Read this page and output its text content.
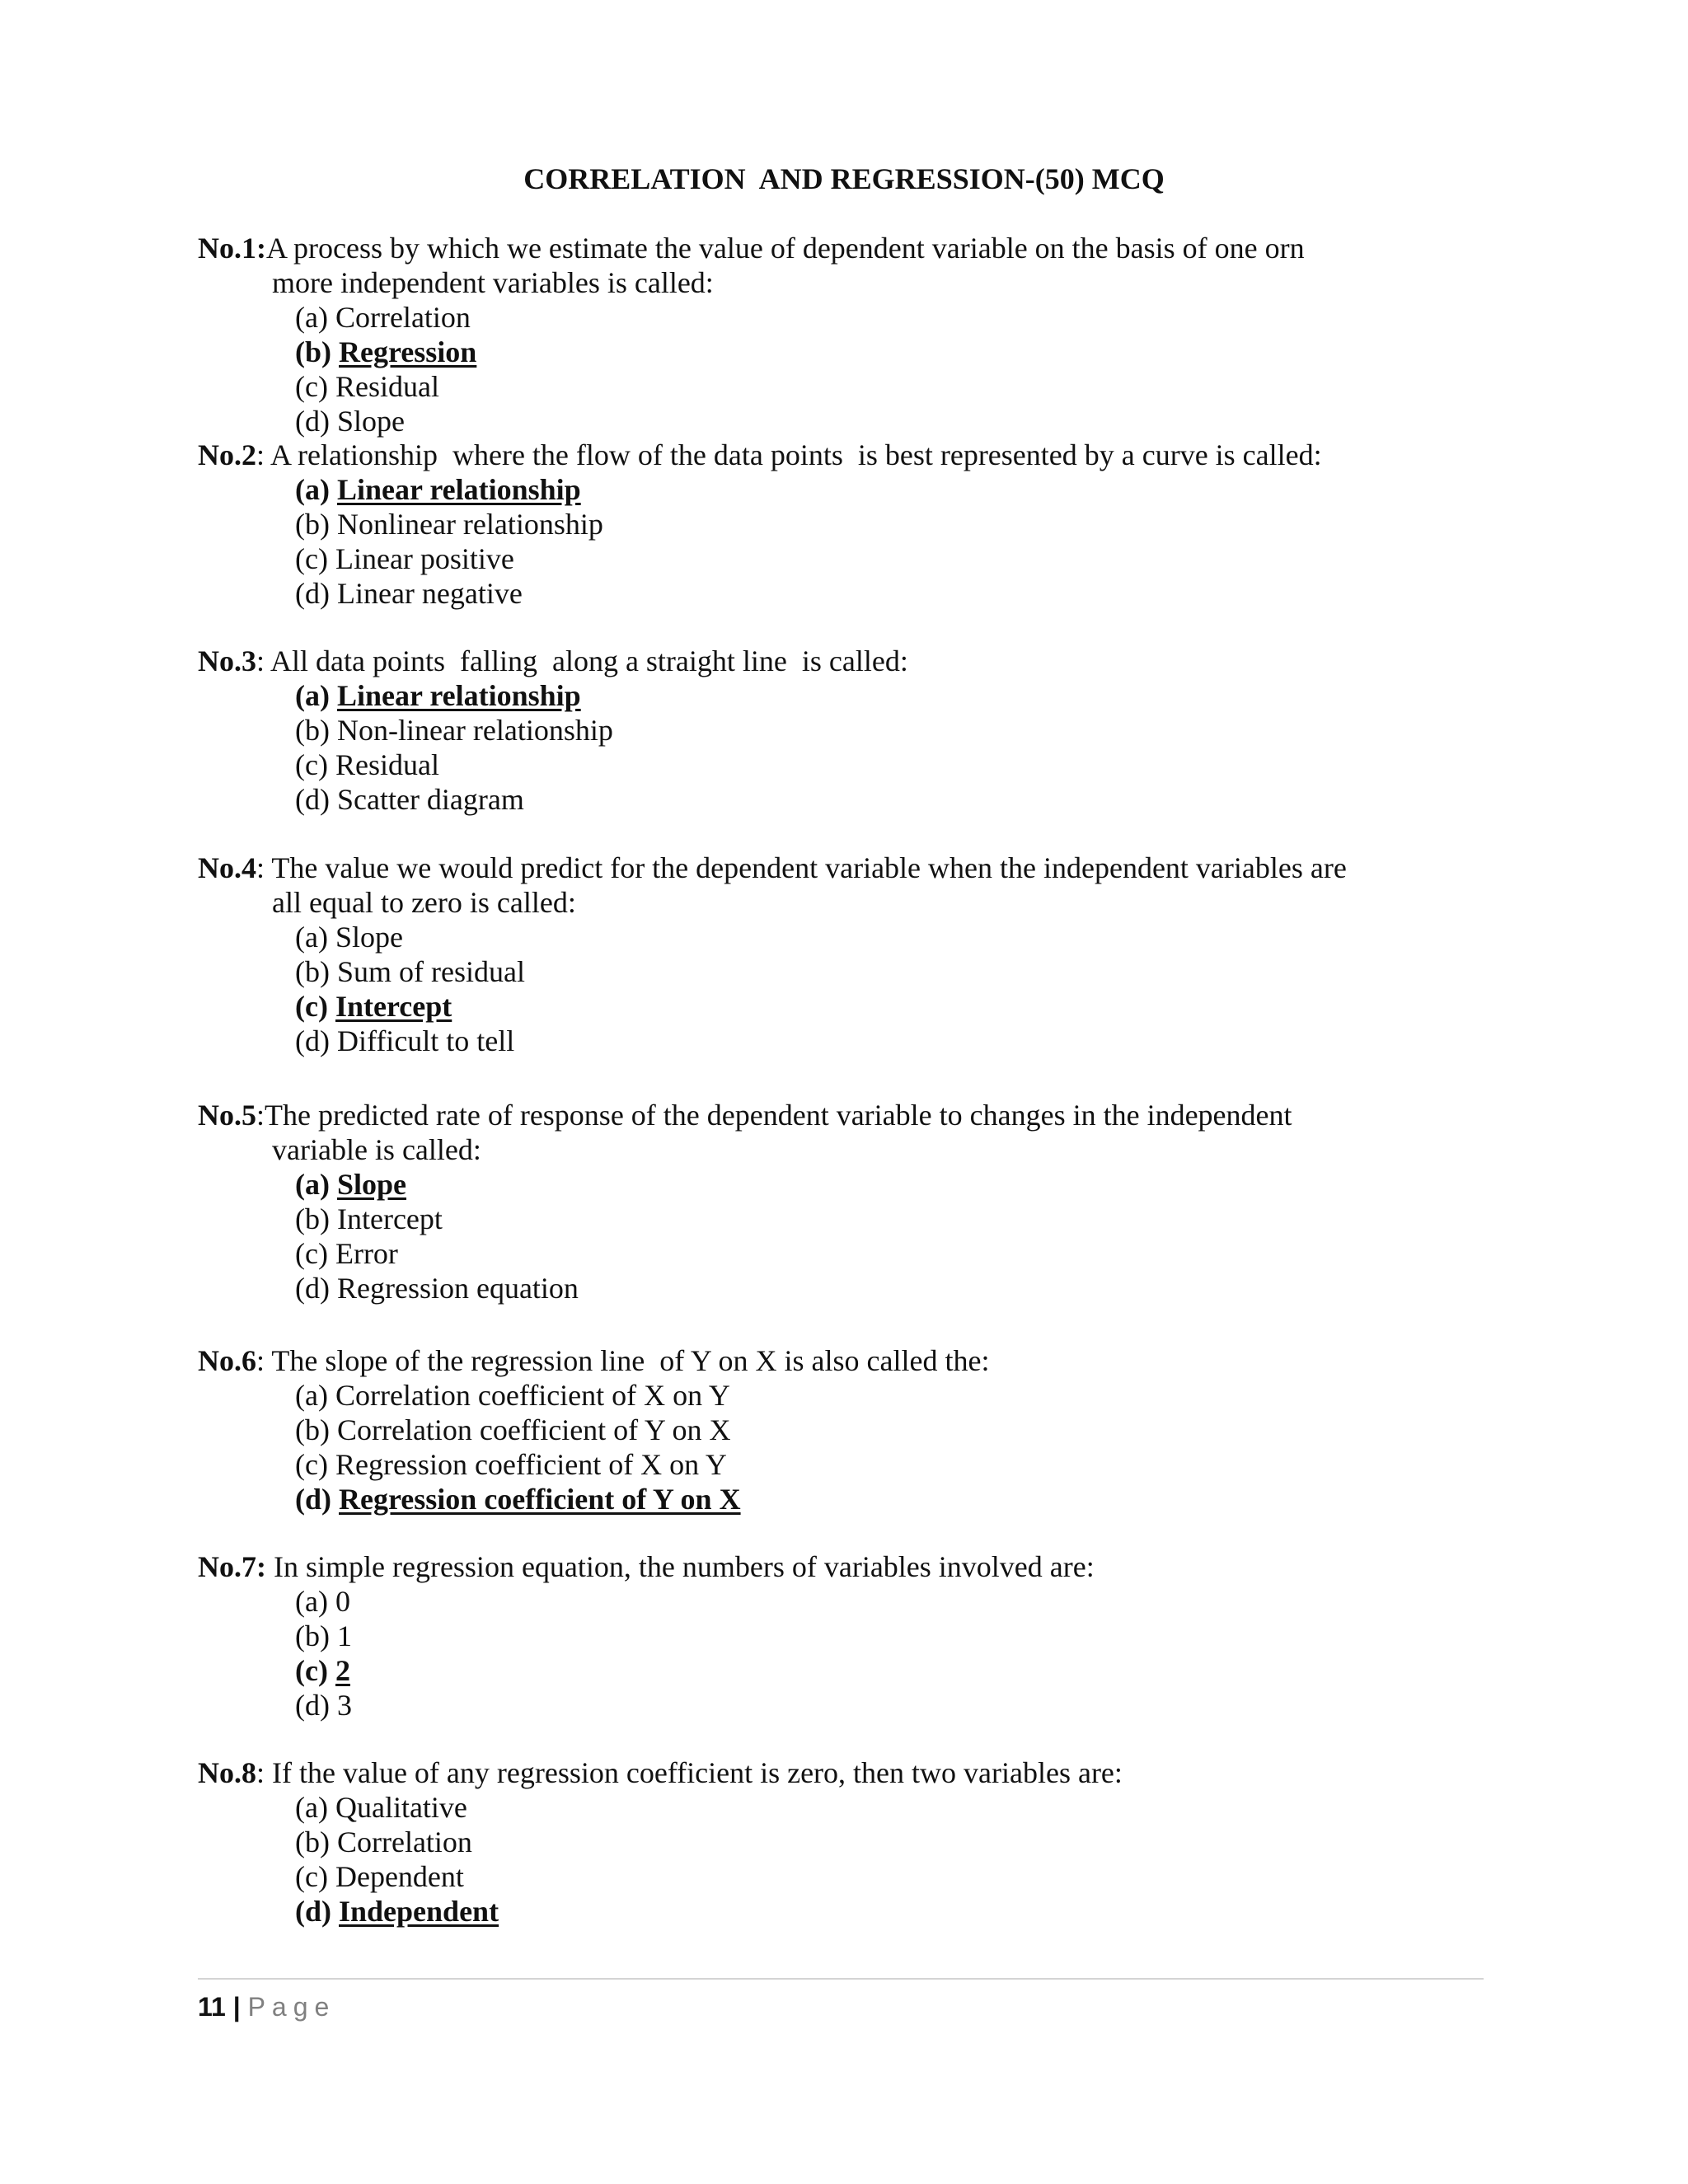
CORRELATION  AND REGRESSION-(50) MCQ
No.1: A process by which we estimate the value of dependent variable on the basis of one orn
more independent variables is called:
(a) Correlation
(b) Regression
(c) Residual
(d) Slope
No.2 : A relationship  where the flow of the data points  is best represented by a curve is called:
(a) Linear relationship
(b) Nonlinear relationship
(c) Linear positive
(d) Linear negative
No.3 : All data points  falling  along a straight line  is called:
(a) Linear relationship
(b) Non-linear relationship
(c) Residual
(d) Scatter diagram
No.4 : The value we would predict for the dependent variable when the independent variables are
all equal to zero is called:
(a) Slope
(b) Sum of residual
(c) Intercept
(d) Difficult to tell
No.5 :The predicted rate of response of the dependent variable to changes in the independent
variable is called:
(a) Slope
(b) Intercept
(c) Error
(d) Regression equation
No.6 : The slope of the regression line  of Y on X is also called the:
(a) Correlation coefficient of X on Y
(b) Correlation coefficient of Y on X
(c) Regression coefficient of X on Y
(d) Regression coefficient of Y on X
No.7: In simple regression equation, the numbers of variables involved are:
(a) 0
(b) 1
(c) 2
(d) 3
No.8 : If the value of any regression coefficient is zero, then two variables are:
(a) Qualitative
(b) Correlation
(c) Dependent
(d) Independent
11 | Page
